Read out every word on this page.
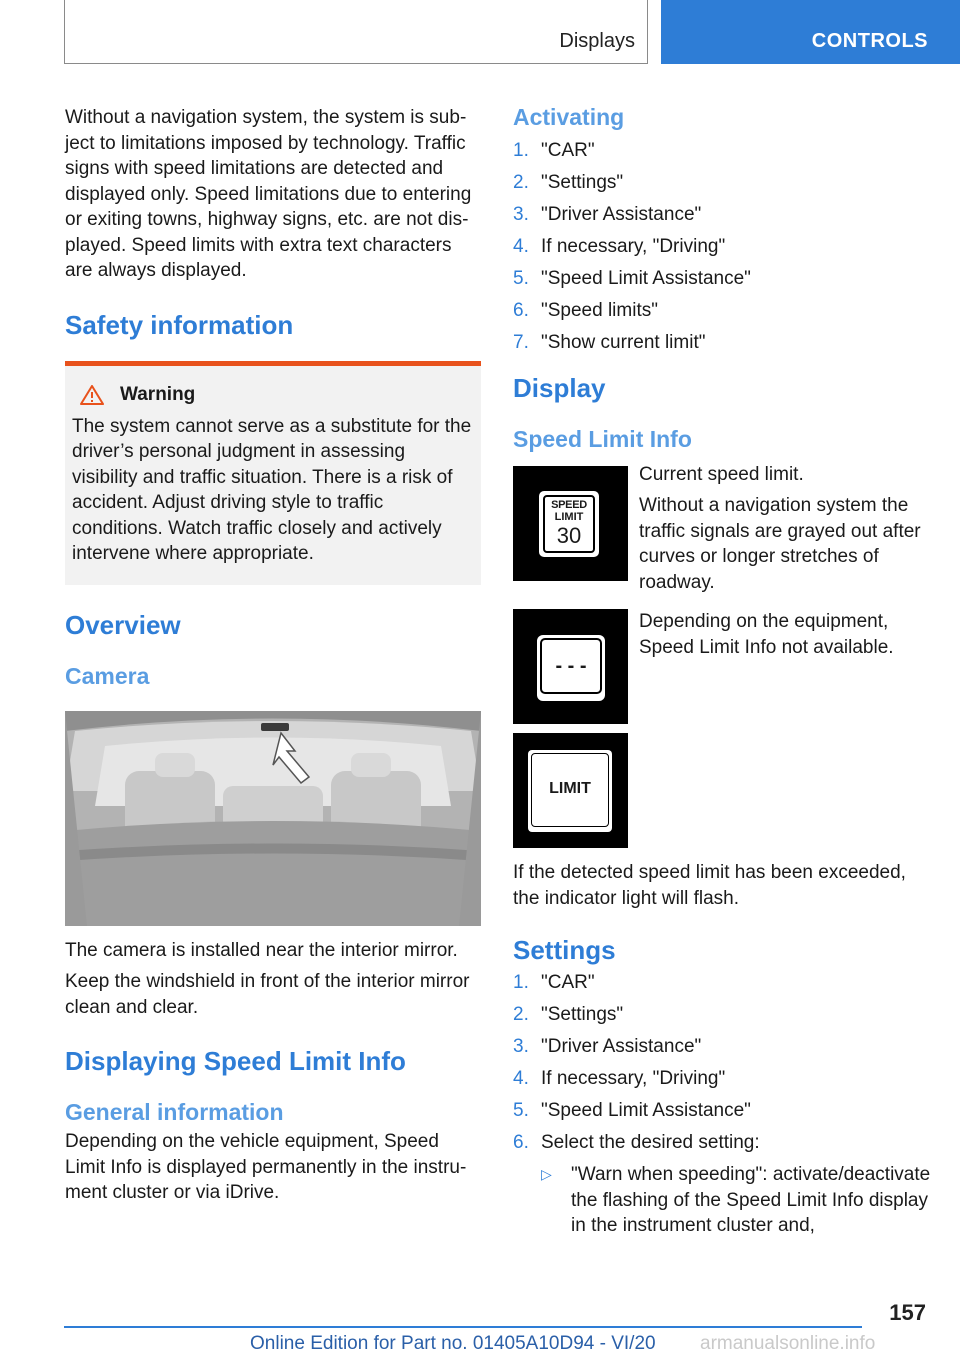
Displays	CONTROLS

Without a navigation system, the system is subject to limitations imposed by technology. Traffic signs with speed limitations are detected and displayed only. Speed limitations due to entering or exiting towns, highway signs, etc. are not displayed. Speed limits with extra text characters are always displayed.

Safety information
Warning

The system cannot serve as a substitute for the driver’s personal judgment in assessing visibility and traffic situation. There is a risk of accident. Adjust driving style to traffic conditions. Watch traffic closely and actively intervene where appropriate.

Overview
Camera

The camera is installed near the interior mirror.

Keep the windshield in front of the interior mirror clean and clear.

Displaying Speed Limit Info
General information

Depending on the vehicle equipment, Speed Limit Info is displayed permanently in the instrument cluster or via iDrive.

Activating
1. "CAR"
2. "Settings"
3. "Driver Assistance"
4. If necessary, "Driving"
5. "Speed Limit Assistance"
6. "Speed limits"
7. "Show current limit"
Display
Speed Limit Info
SPEED
LIMIT
30

Current speed limit.

Without a navigation system the traffic signals are grayed out after curves or longer stretches of roadway.

- - -

Depending on the equipment, Speed Limit Info not available.

LIMIT

If the detected speed limit has been exceeded, the indicator light will flash.

Settings
1. "CAR"
2. "Settings"
3. "Driver Assistance"
4. If necessary, "Driving"
5. "Speed Limit Assistance"
6. Select the desired setting:
▷	"Warn when speeding": activate/deactivate the flashing of the Speed Limit Info display in the instrument cluster and,

157
Online Edition for Part no. 01405A10D94 - VI/20 armanualsonline.info
